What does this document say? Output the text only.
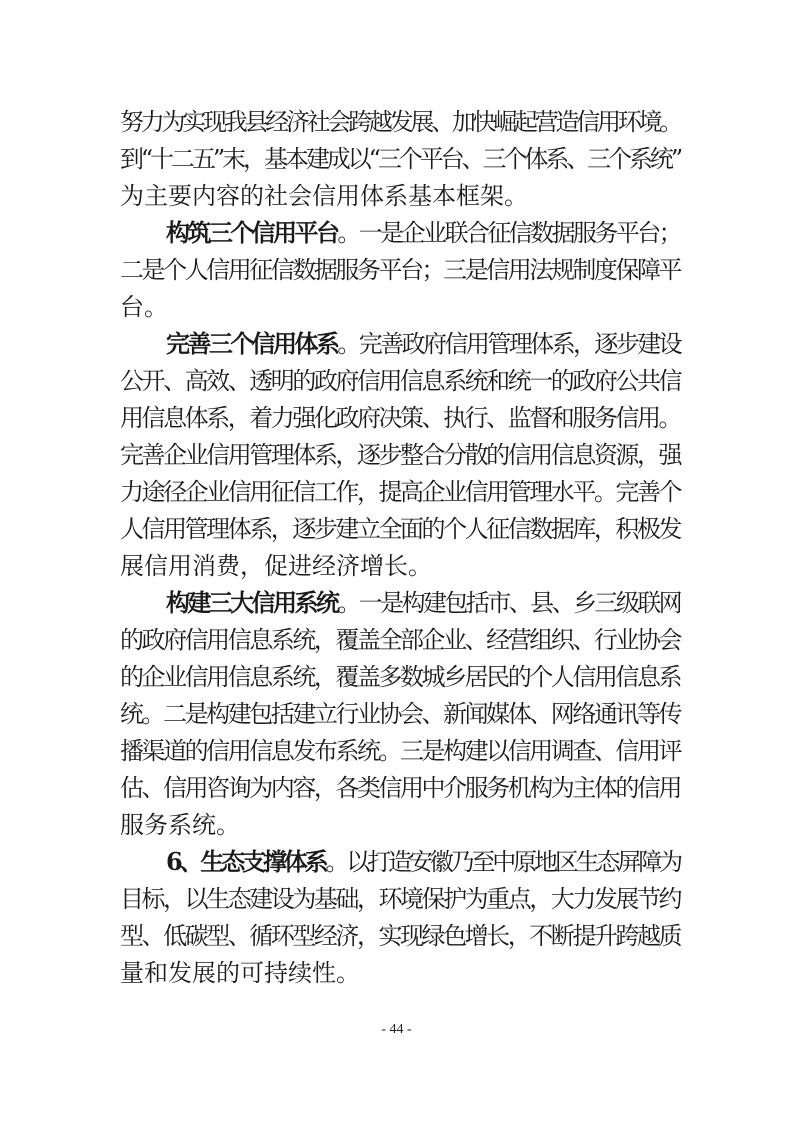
努力为实现我县经济社会跨越发展、加快崛起营造信用环境。
到“十二五”末，基本建成以“三个平台、三个体系、三个系统”
为主要内容的社会信用体系基本框架。
构筑三个信用平台。一是企业联合征信数据服务平台；
二是个人信用征信数据服务平台；三是信用法规制度保障平
台。
完善三个信用体系。完善政府信用管理体系，逐步建设
公开、高效、透明的政府信用信息系统和统一的政府公共信
用信息体系，着力强化政府决策、执行、监督和服务信用。
完善企业信用管理体系，逐步整合分散的信用信息资源，强
力途径企业信用征信工作，提高企业信用管理水平。完善个
人信用管理体系，逐步建立全面的个人征信数据库，积极发
展信用消费，促进经济增长。
构建三大信用系统。一是构建包括市、县、乡三级联网
的政府信用信息系统，覆盖全部企业、经营组织、行业协会
的企业信用信息系统，覆盖多数城乡居民的个人信用信息系
统。二是构建包括建立行业协会、新闻媒体、网络通讯等传
播渠道的信用信息发布系统。三是构建以信用调查、信用评
估、信用咨询为内容，各类信用中介服务机构为主体的信用
服务系统。
6、生态支撑体系。以打造安徽乃至中原地区生态屏障为
目标，以生态建设为基础，环境保护为重点，大力发展节约
型、低碳型、循环型经济，实现绿色增长，不断提升跨越质
量和发展的可持续性。
- 44 -
